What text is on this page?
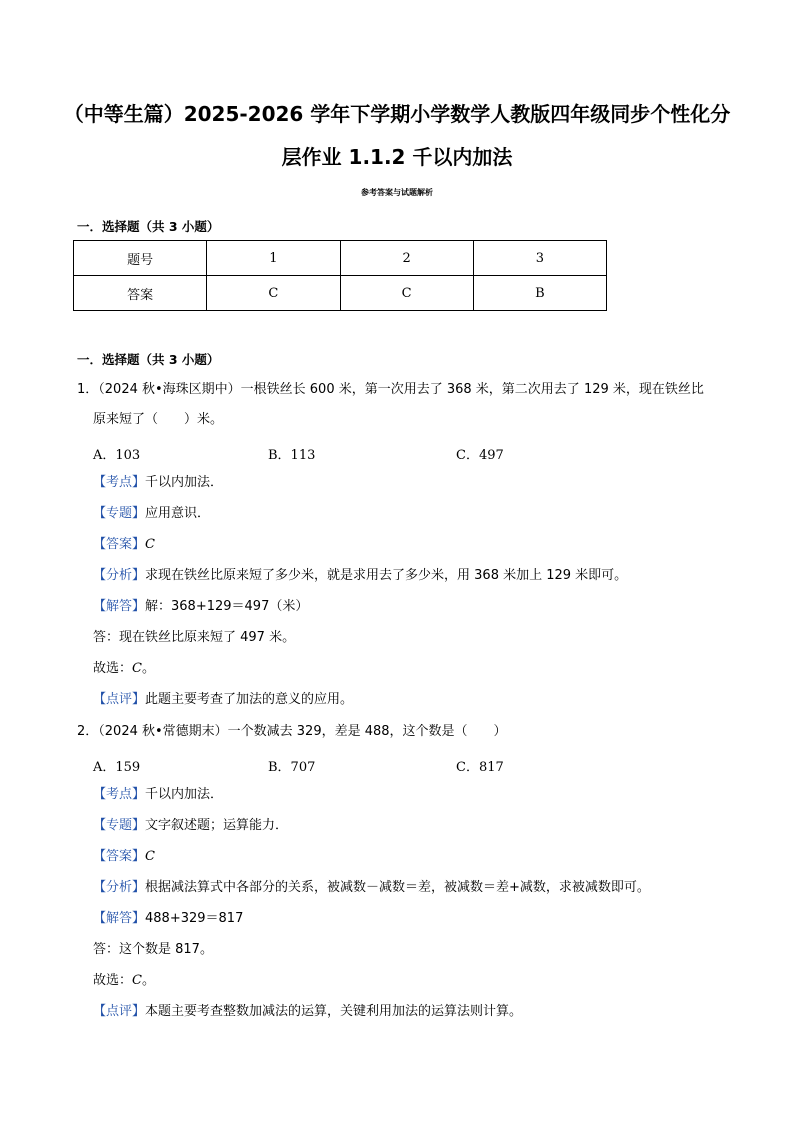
（中等生篇）2025-2026 学年下学期小学数学人教版四年级同步个性化分
层作业 1.1.2 千以内加法
参考答案与试题解析
一．选择题（共 3 小题）
题号	1	2	3
答案	C	C	B
一．选择题（共 3 小题）
1．（2024 秋•海珠区期中）一根铁丝长 600 米，第一次用去了 368 米，第二次用去了 129 米，现在铁丝比
原来短了（　　）米。
A．103	B．113	C．497
【考点】千以内加法．
【专题】应用意识．
【答案】C
【分析】求现在铁丝比原来短了多少米，就是求用去了多少米，用 368 米加上 129 米即可。
【解答】解：368+129＝497（米）
答：现在铁丝比原来短了 497 米。
故选：C。
【点评】此题主要考查了加法的意义的应用。
2．（2024 秋•常德期末）一个数减去 329，差是 488，这个数是（　　）
A．159	B．707	C．817
【考点】千以内加法．
【专题】文字叙述题；运算能力．
【答案】C
【分析】根据减法算式中各部分的关系，被减数－减数＝差，被减数＝差+减数，求被减数即可。
【解答】488+329＝817
答：这个数是 817。
故选：C。
【点评】本题主要考查整数加减法的运算，关键利用加法的运算法则计算。
